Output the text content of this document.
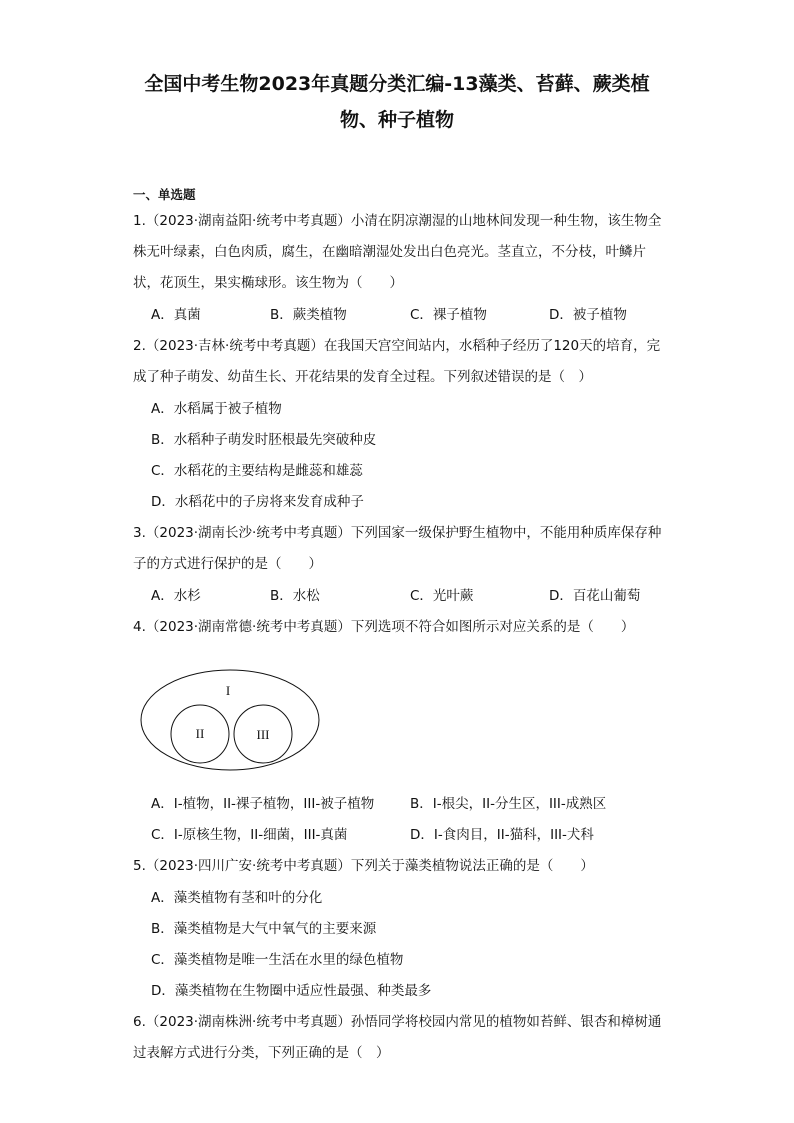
全国中考生物2023年真题分类汇编-13藻类、苔藓、蕨类植
物、种子植物
一、单选题
1.（2023·湖南益阳·统考中考真题）小清在阴凉潮湿的山地林间发现一种生物，该生物全株无叶绿素，白色肉质，腐生，在幽暗潮湿处发出白色亮光。茎直立，不分枝，叶鳞片状，花顶生，果实椭球形。该生物为（　　）
A．真菌	B．蕨类植物	C．裸子植物	D．被子植物
2.（2023·吉林·统考中考真题）在我国天宫空间站内，水稻种子经历了120天的培育，完成了种子萌发、幼苗生长、开花结果的发育全过程。下列叙述错误的是（　）
A．水稻属于被子植物
B．水稻种子萌发时胚根最先突破种皮
C．水稻花的主要结构是雌蕊和雄蕊
D．水稻花中的子房将来发育成种子
3.（2023·湖南长沙·统考中考真题）下列国家一级保护野生植物中，不能用种质库保存种子的方式进行保护的是（　　）
A．水杉	B．水松	C．光叶蕨	D．百花山葡萄
4.（2023·湖南常德·统考中考真题）下列选项不符合如图所示对应关系的是（　　）
I
II	III
A．I-植物，II-裸子植物，III-被子植物	B．I-根尖，II-分生区，III-成熟区
C．I-原核生物，II-细菌，III-真菌	D．I-食肉目，II-猫科，III-犬科
5.（2023·四川广安·统考中考真题）下列关于藻类植物说法正确的是（　　）
A．藻类植物有茎和叶的分化
B．藻类植物是大气中氧气的主要来源
C．藻类植物是唯一生活在水里的绿色植物
D．藻类植物在生物圈中适应性最强、种类最多
6.（2023·湖南株洲·统考中考真题）孙悟同学将校园内常见的植物如苔鲜、银杏和樟树通过表解方式进行分类，下列正确的是（　）
